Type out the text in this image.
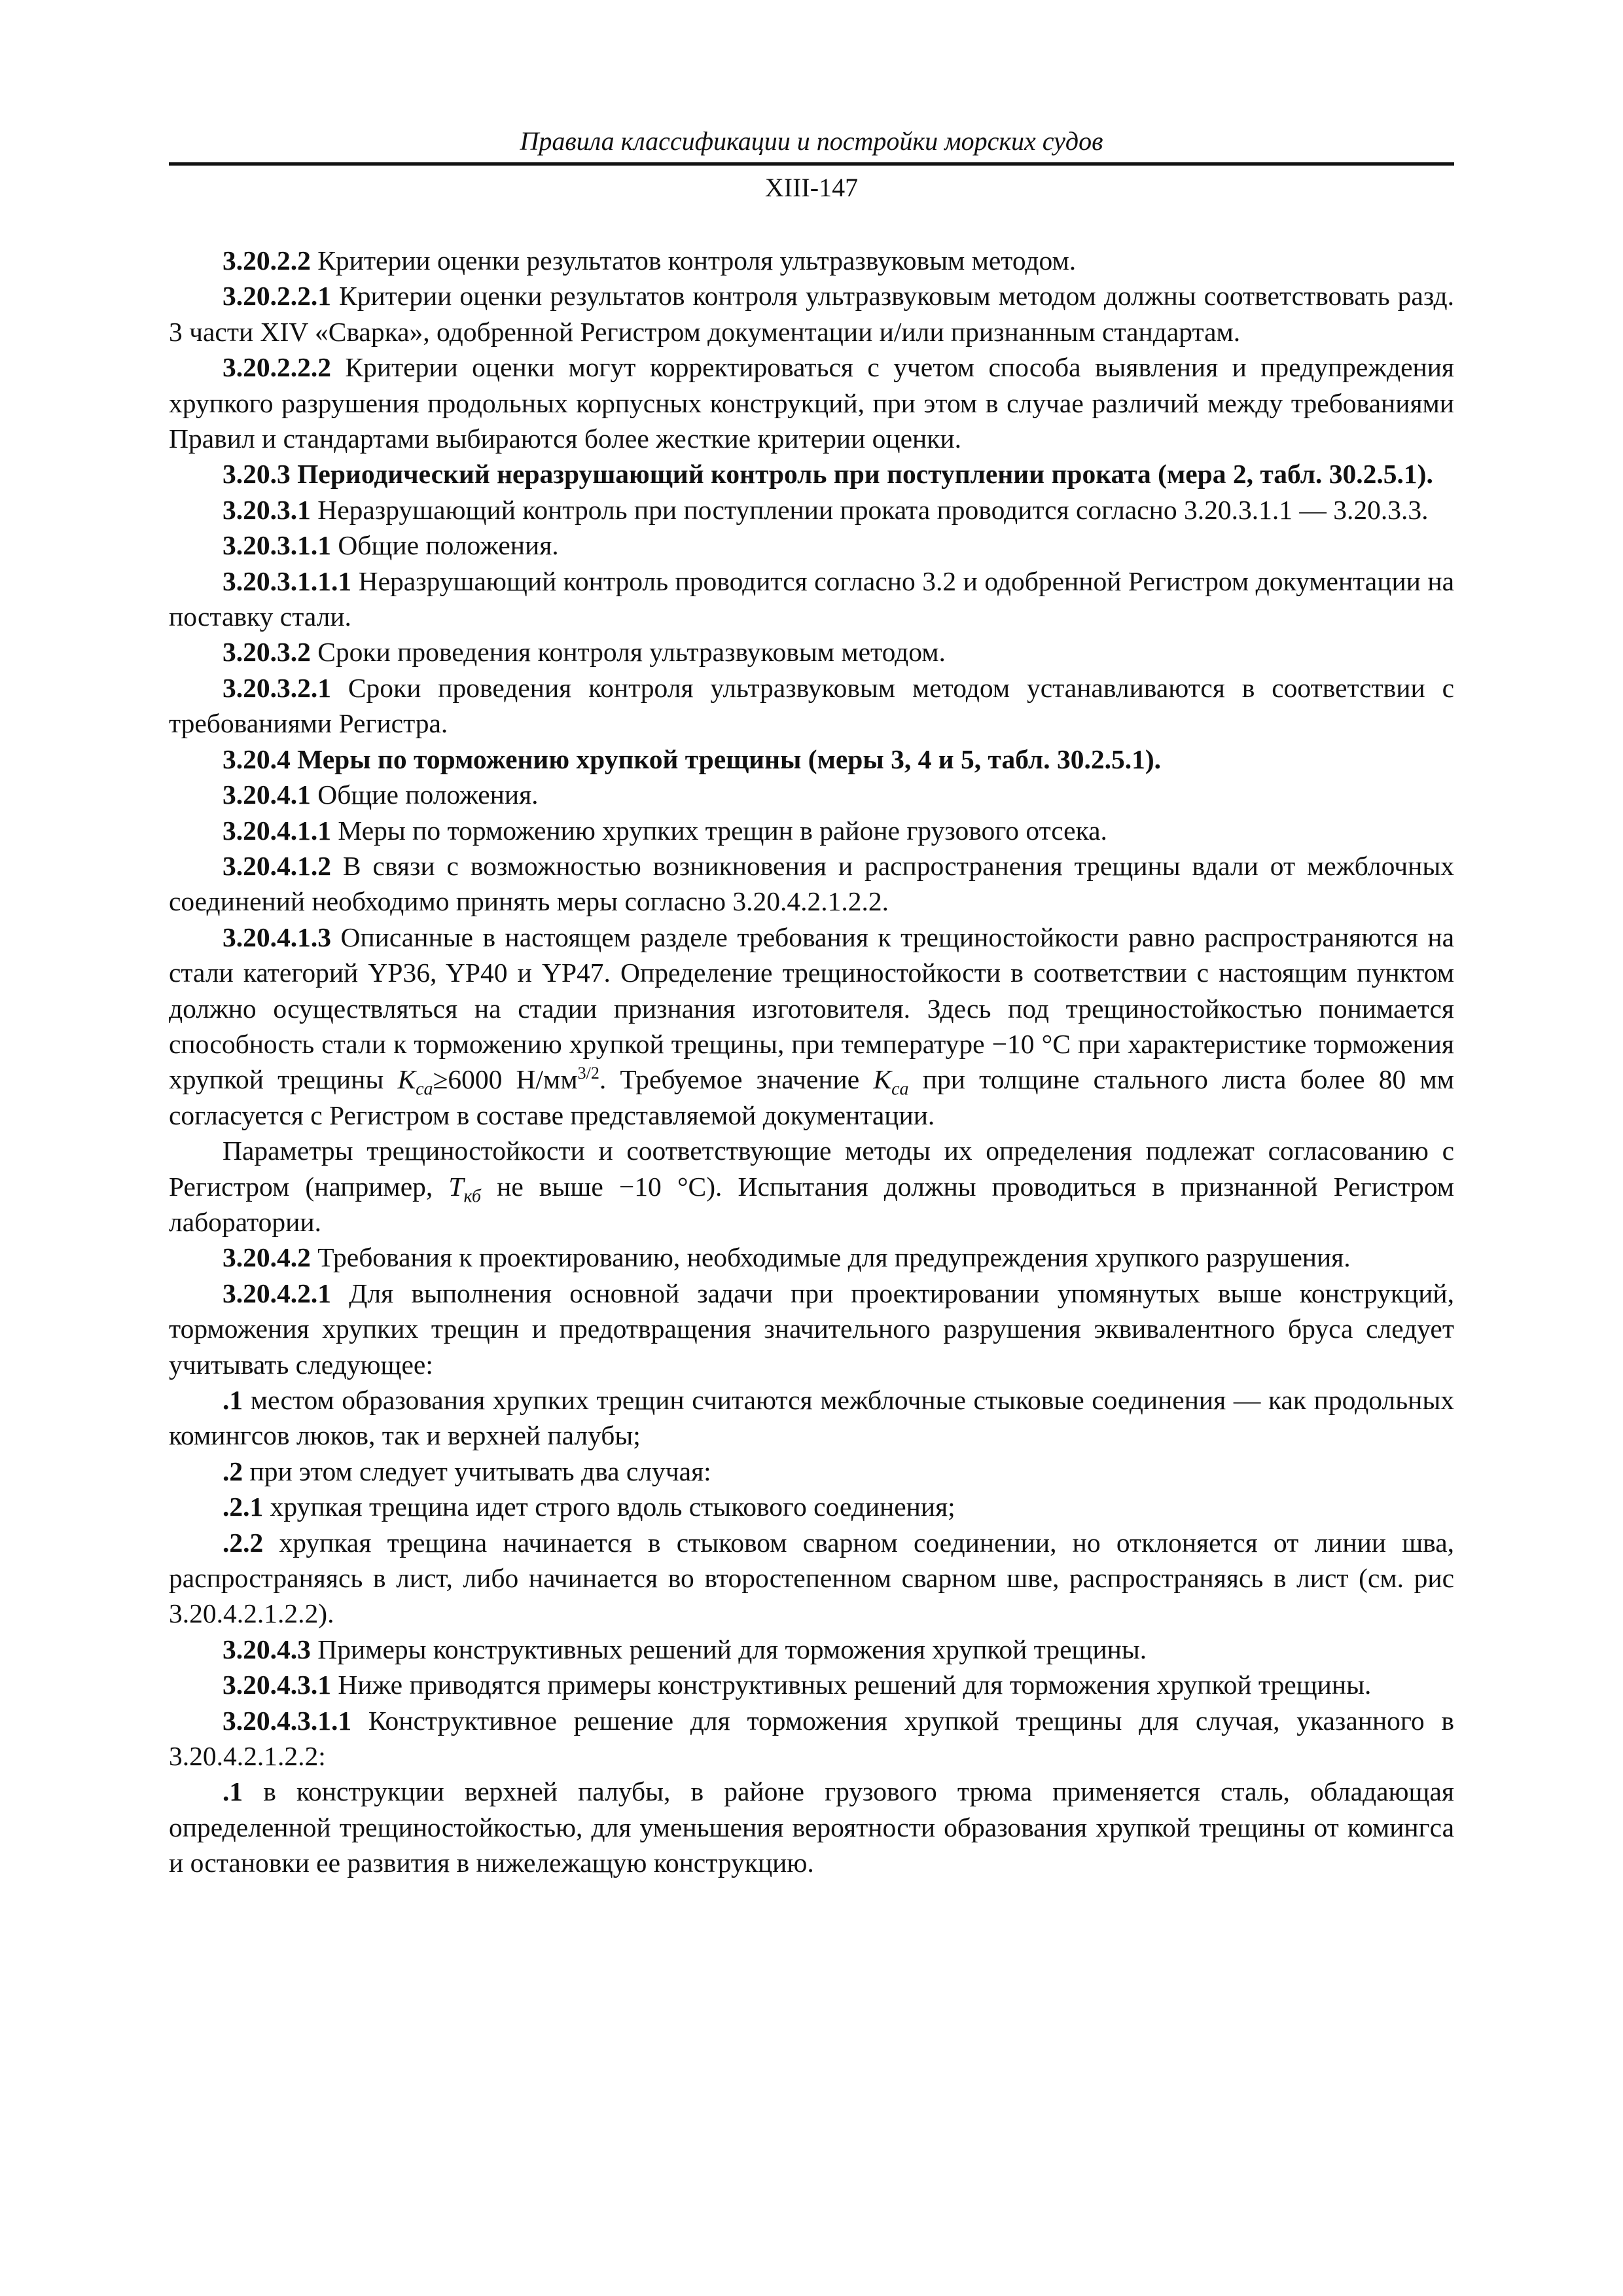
Правила классификации и постройки морских судов
XIII-147

3.20.2.2 Критерии оценки результатов контроля ультразвуковым методом.

3.20.2.2.1 Критерии оценки результатов контроля ультразвуковым методом должны соответствовать разд. 3 части XIV «Сварка», одобренной Регистром документации и/или признанным стандартам.

3.20.2.2.2 Критерии оценки могут корректироваться с учетом способа выявления и предупреждения хрупкого разрушения продольных корпусных конструкций, при этом в случае различий между требованиями Правил и стандартами выбираются более жесткие критерии оценки.

3.20.3 Периодический неразрушающий контроль при поступлении проката (мера 2, табл. 30.2.5.1).

3.20.3.1 Неразрушающий контроль при поступлении проката проводится согласно 3.20.3.1.1 — 3.20.3.3.

3.20.3.1.1 Общие положения.

3.20.3.1.1.1 Неразрушающий контроль проводится согласно 3.2 и одобренной Регистром документации на поставку стали.

3.20.3.2 Сроки проведения контроля ультразвуковым методом.

3.20.3.2.1 Сроки проведения контроля ультразвуковым методом устанавливаются в соответствии с требованиями Регистра.

3.20.4 Меры по торможению хрупкой трещины (меры 3, 4 и 5, табл. 30.2.5.1).

3.20.4.1 Общие положения.

3.20.4.1.1 Меры по торможению хрупких трещин в районе грузового отсека.

3.20.4.1.2 В связи с возможностью возникновения и распространения трещины вдали от межблочных соединений необходимо принять меры согласно 3.20.4.2.1.2.2.

3.20.4.1.3 Описанные в настоящем разделе требования к трещиностойкости равно распространяются на стали категорий YP36, YP40 и YP47. Определение трещиностойкости в соответствии с настоящим пунктом должно осуществляться на стадии признания изготовителя. Здесь под трещиностойкостью понимается способность стали к торможению хрупкой трещины, при температуре −10 °C при характеристике торможения хрупкой трещины $K_{ca}\ge 6000$ $Н/мм^{3/2}$. Требуемое значение $K_{ca}$ при толщине стального листа более 80 мм согласуется с Регистром в составе представляемой документации.

Параметры трещиностойкости и соответствующие методы их определения подлежат согласованию с Регистром (например, $T_{кб}$ не выше −10 °C). Испытания должны проводиться в признанной Регистром лаборатории.

3.20.4.2 Требования к проектированию, необходимые для предупреждения хрупкого разрушения.

3.20.4.2.1 Для выполнения основной задачи при проектировании упомянутых выше конструкций, торможения хрупких трещин и предотвращения значительного разрушения эквивалентного бруса следует учитывать следующее:

.1 местом образования хрупких трещин считаются межблочные стыковые соединения — как продольных комингсов люков, так и верхней палубы;

.2 при этом следует учитывать два случая:

.2.1 хрупкая трещина идет строго вдоль стыкового соединения;

.2.2 хрупкая трещина начинается в стыковом сварном соединении, но отклоняется от линии шва, распространяясь в лист, либо начинается во второстепенном сварном шве, распространяясь в лист (см. рис 3.20.4.2.1.2.2).

3.20.4.3 Примеры конструктивных решений для торможения хрупкой трещины.

3.20.4.3.1 Ниже приводятся примеры конструктивных решений для торможения хрупкой трещины.

3.20.4.3.1.1 Конструктивное решение для торможения хрупкой трещины для случая, указанного в 3.20.4.2.1.2.2:

.1 в конструкции верхней палубы, в районе грузового трюма применяется сталь, обладающая определенной трещиностойкостью, для уменьшения вероятности образования хрупкой трещины от комингса и остановки ее развития в нижележащую конструкцию.
